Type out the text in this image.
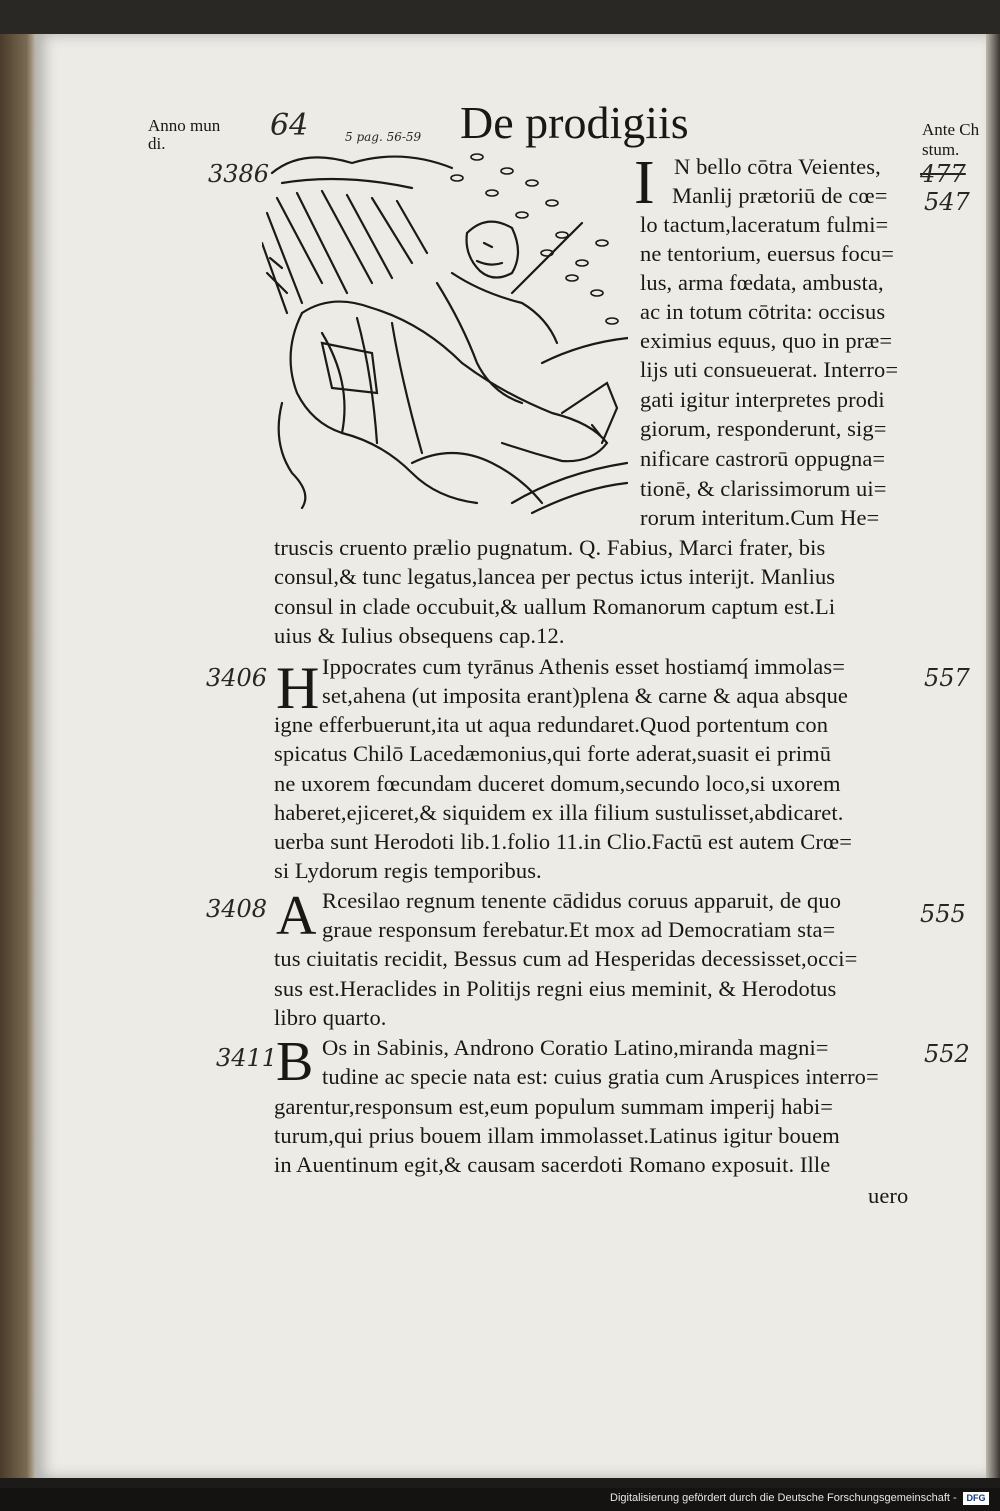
Anno mun
di.
64	5 pag. 56-59 De prodigiis	Ante Ch
stum.
3386	477
547
3406	557
3408	555
3411	552
I
H
A
B
N bello cōtra Veientes,
Manlij prætoriū de cœ=
lo tactum,laceratum fulmi=
ne tentorium, euersus focu=
lus, arma fœdata, ambusta,
ac in totum cōtrita: occisus
eximius equus, quo in præ=
lijs uti consueuerat. Interro=
gati igitur interpretes prodi
giorum, responderunt, sig=
nificare castrorū oppugna=
tionē, & clarissimorum ui=
rorum interitum.Cum He=
truscis cruento prælio pugnatum. Q. Fabius, Marci frater, bis
consul,& tunc legatus,lancea per pectus ictus interijt. Manlius
consul in clade occubuit,& uallum Romanorum captum est.Li
uius & Iulius obsequens cap.12.
Ippocrates cum tyrānus Athenis esset hostiamq́ immolas=
set,ahena (ut imposita erant)plena & carne & aqua absque
igne efferbuerunt,ita ut aqua redundaret.Quod portentum con
spicatus Chilō Lacedæmonius,qui forte aderat,suasit ei primū
ne uxorem fœcundam duceret domum,secundo loco,si uxorem
haberet,ejiceret,& siquidem ex illa filium sustulisset,abdicaret.
uerba sunt Herodoti lib.1.folio 11.in Clio.Factū est autem Crœ=
si Lydorum regis temporibus.
Rcesilao regnum tenente cādidus coruus apparuit, de quo
graue responsum ferebatur.Et mox ad Democratiam sta=
tus ciuitatis recidit, Bessus cum ad Hesperidas decessisset,occi=
sus est.Heraclides in Politijs regni eius meminit, & Herodotus
libro quarto.
Os in Sabinis, Androno Coratio Latino,miranda magni=
tudine ac specie nata est: cuius gratia cum Aruspices interro=
garentur,responsum est,eum populum summam imperij habi=
turum,qui prius bouem illam immolasset.Latinus igitur bouem
in Auentinum egit,& causam sacerdoti Romano exposuit. Ille
uero
Digitalisierung gefördert durch die Deutsche Forschungsgemeinschaft -	DFG
